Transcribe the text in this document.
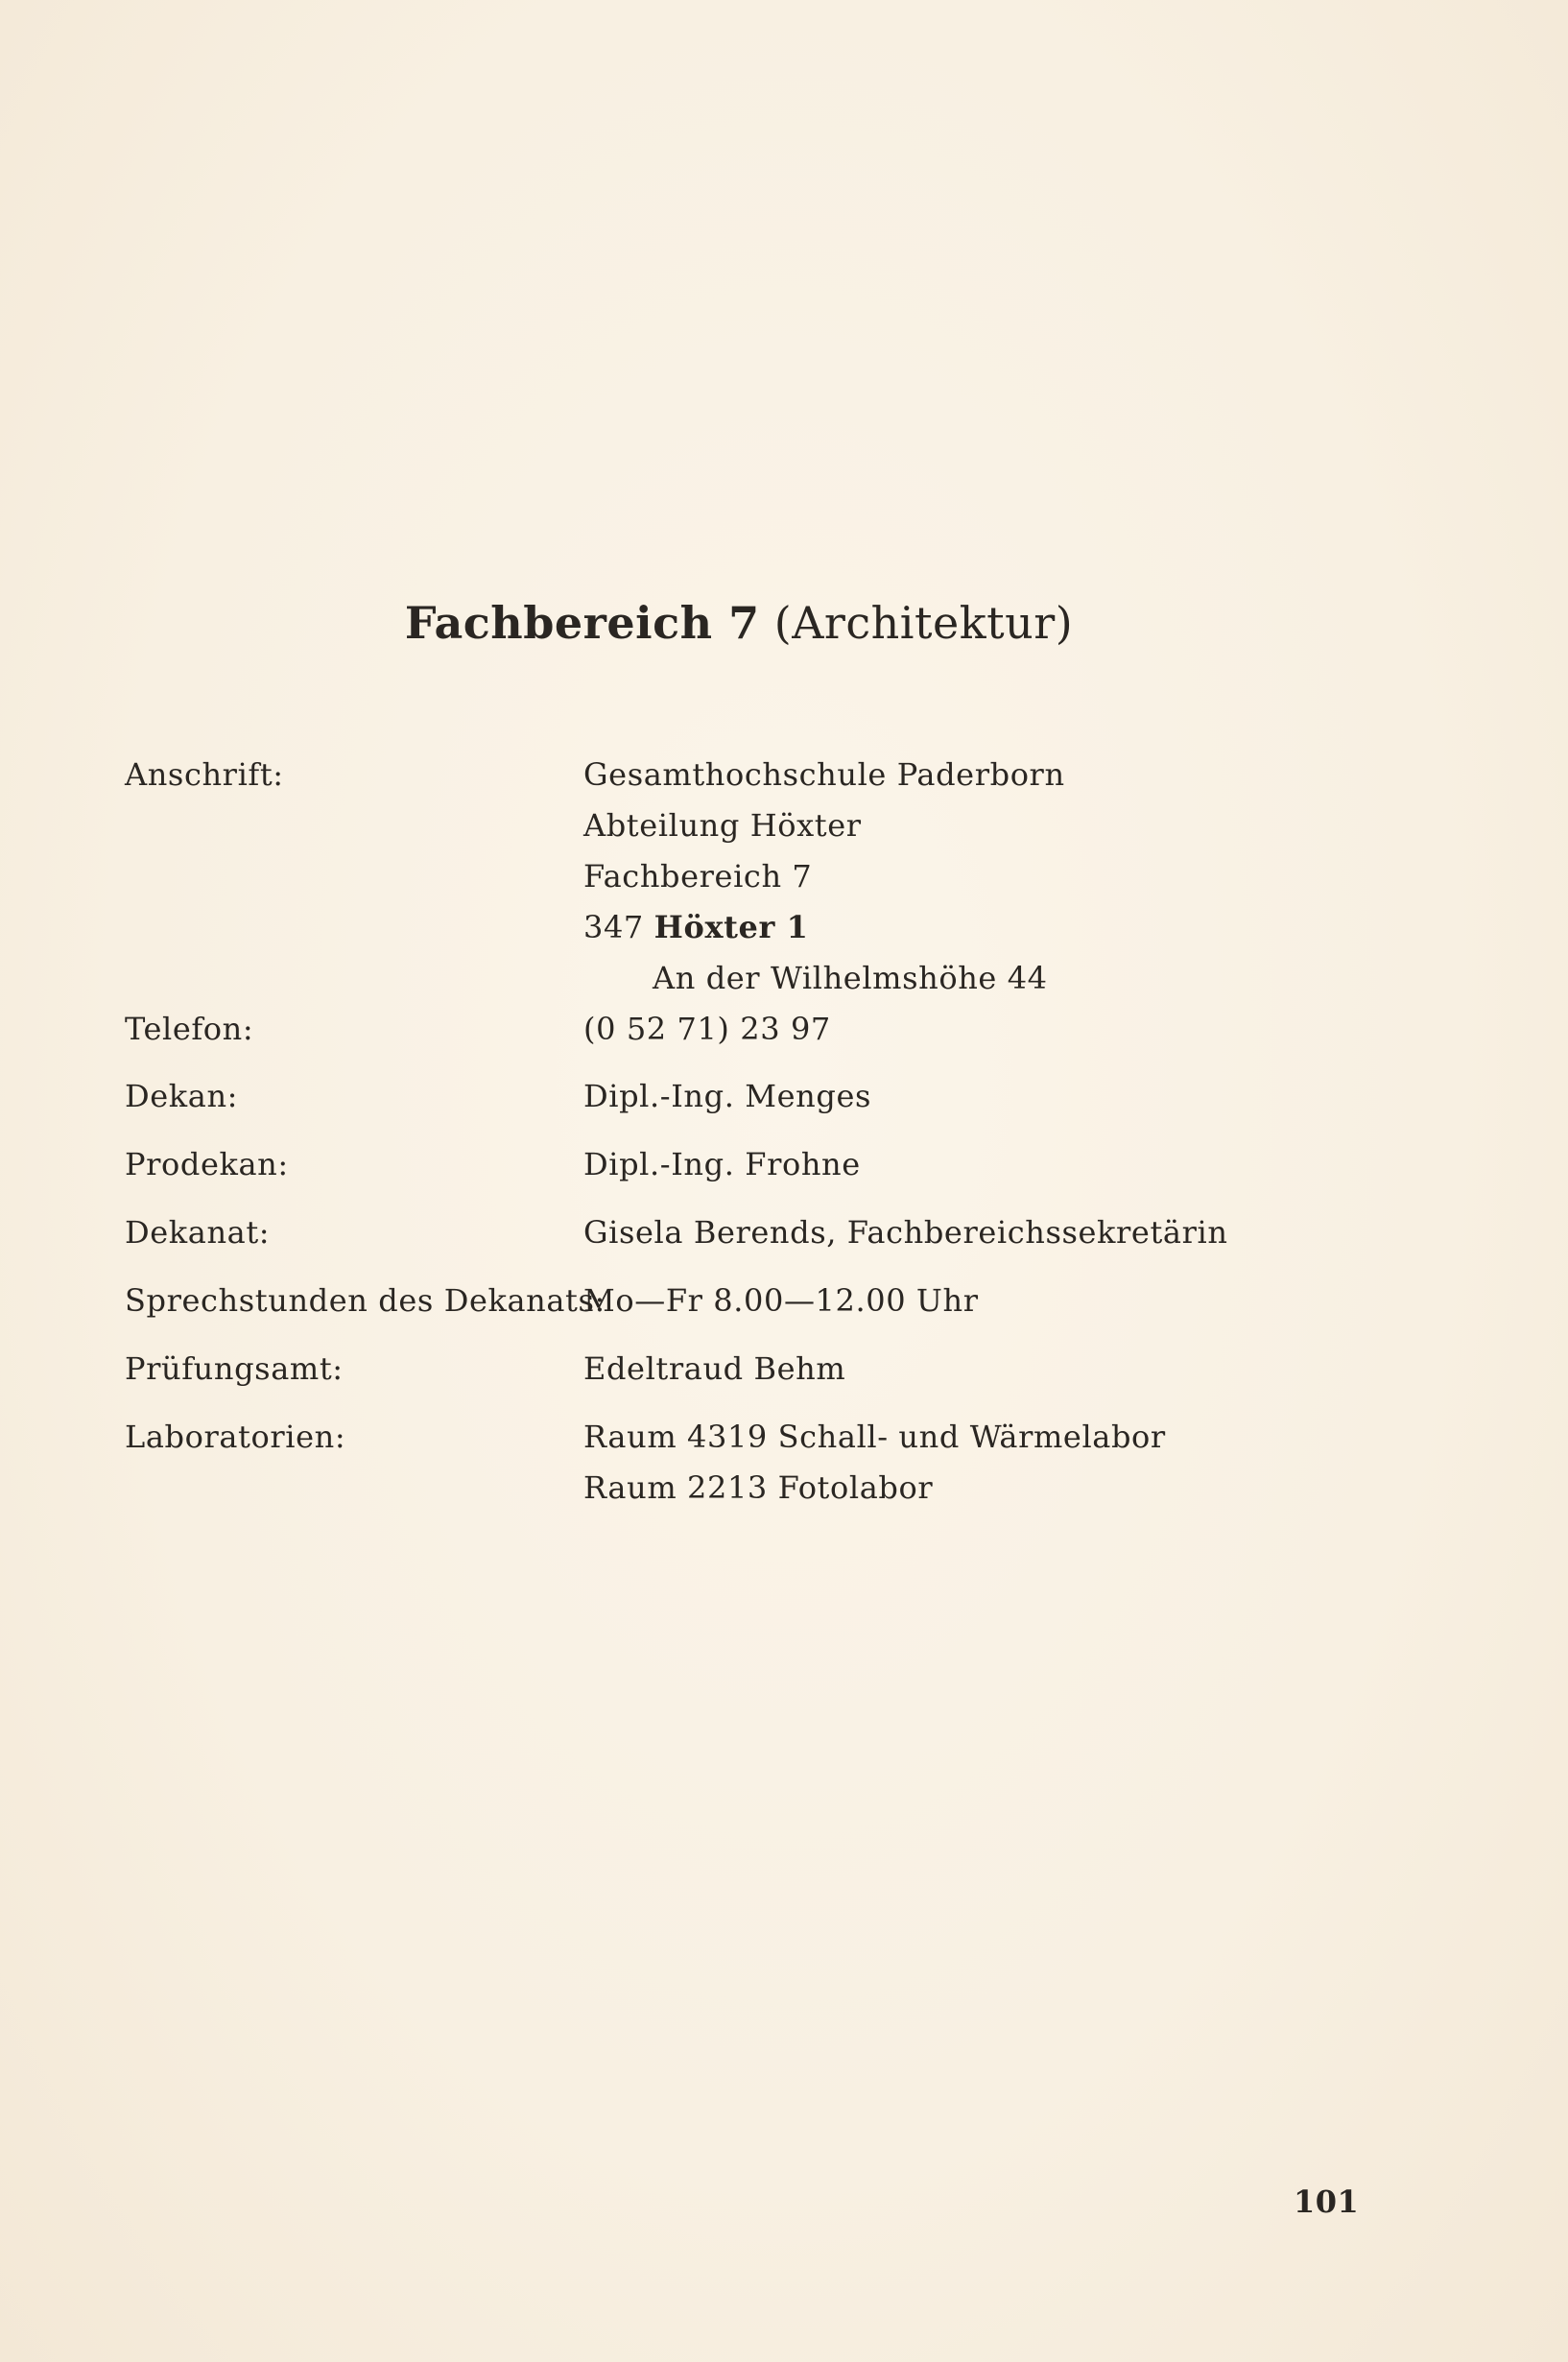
Fachbereich 7 (Architektur)
Anschrift:	Gesamthochschule Paderborn
Abteilung Höxter
Fachbereich 7
347 Höxter 1
An der Wilhelmshöhe 44
Telefon:	(0 52 71) 23 97
Dekan:	Dipl.-Ing. Menges
Prodekan:	Dipl.-Ing. Frohne
Dekanat:	Gisela Berends, Fachbereichssekretärin
Sprechstunden des Dekanats:
Mo—Fr 8.00—12.00 Uhr
Prüfungsamt:	Edeltraud Behm
Laboratorien:	Raum 4319 Schall- und Wärmelabor
Raum 2213 Fotolabor
101
